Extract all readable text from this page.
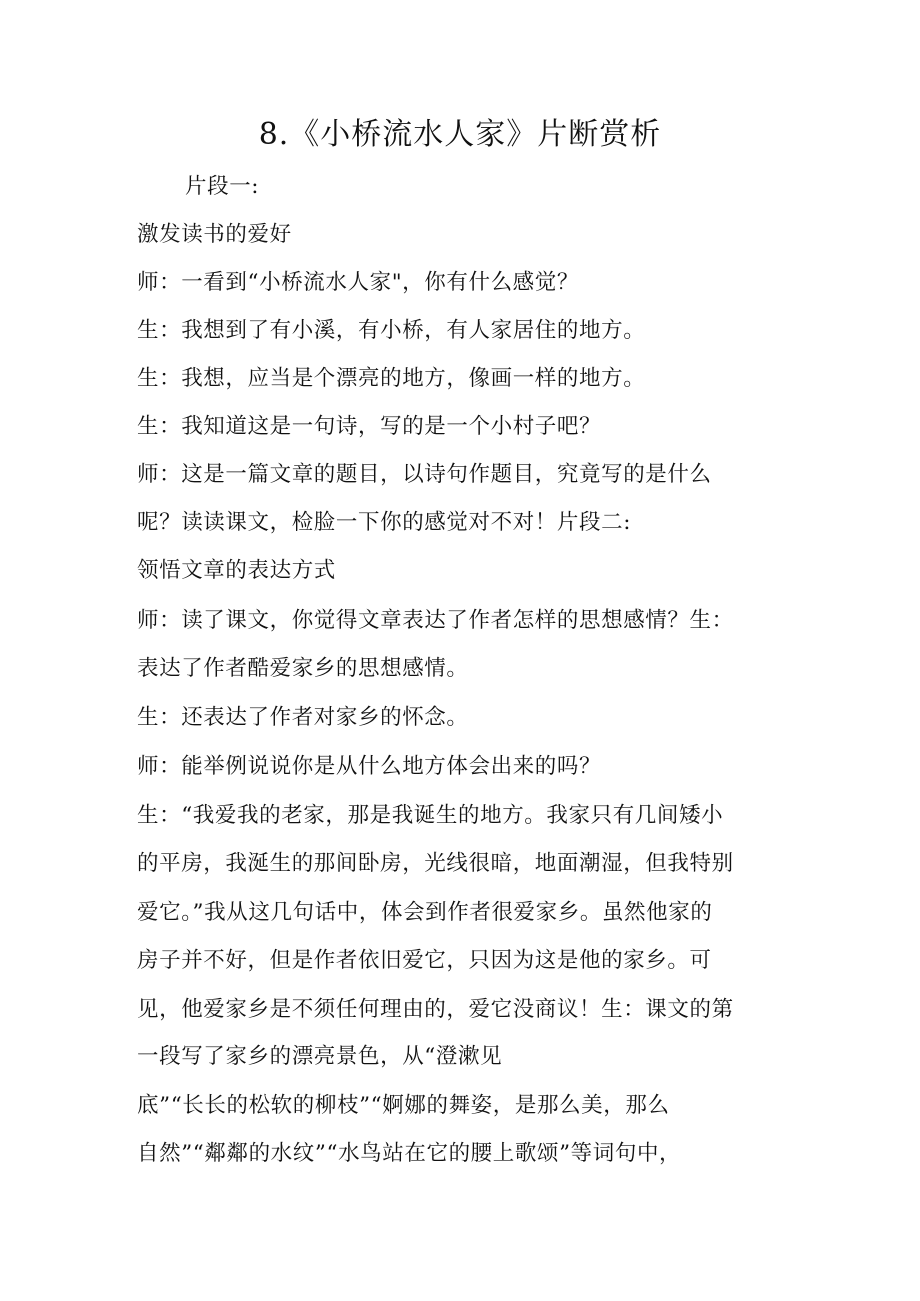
8.《小桥流水人家》片断赏析
片段一:
激发读书的爱好
师：一看到“小桥流水人家"，你有什么感觉？
生：我想到了有小溪，有小桥，有人家居住的地方。
生：我想，应当是个漂亮的地方，像画一样的地方。
生：我知道这是一句诗，写的是一个小村子吧？
师：这是一篇文章的题目，以诗句作题目，究竟写的是什么
呢？读读课文，检脸一下你的感觉对不对！片段二:
领悟文章的表达方式
师：读了课文，你觉得文章表达了作者怎样的思想感情？生：
表达了作者酷爱家乡的思想感情。
生：还表达了作者对家乡的怀念。
师：能举例说说你是从什么地方体会出来的吗？
生：“我爱我的老家，那是我诞生的地方。我家只有几间矮小
的平房，我涎生的那间卧房，光线很暗，地面潮湿，但我特别
爱它。”我从这几句话中，体会到作者很爱家乡。虽然他家的
房子并不好，但是作者依旧爱它，只因为这是他的家乡。可
见，他爱家乡是不须任何理由的，爱它没商议！生：课文的第
一段写了家乡的漂亮景色，从“澄漱见
底”“长长的松软的柳枝”“婀娜的舞姿，是那么美，那么
自然”“鄰鄰的水纹”“水鸟站在它的腰上歌颂”等词句中，
